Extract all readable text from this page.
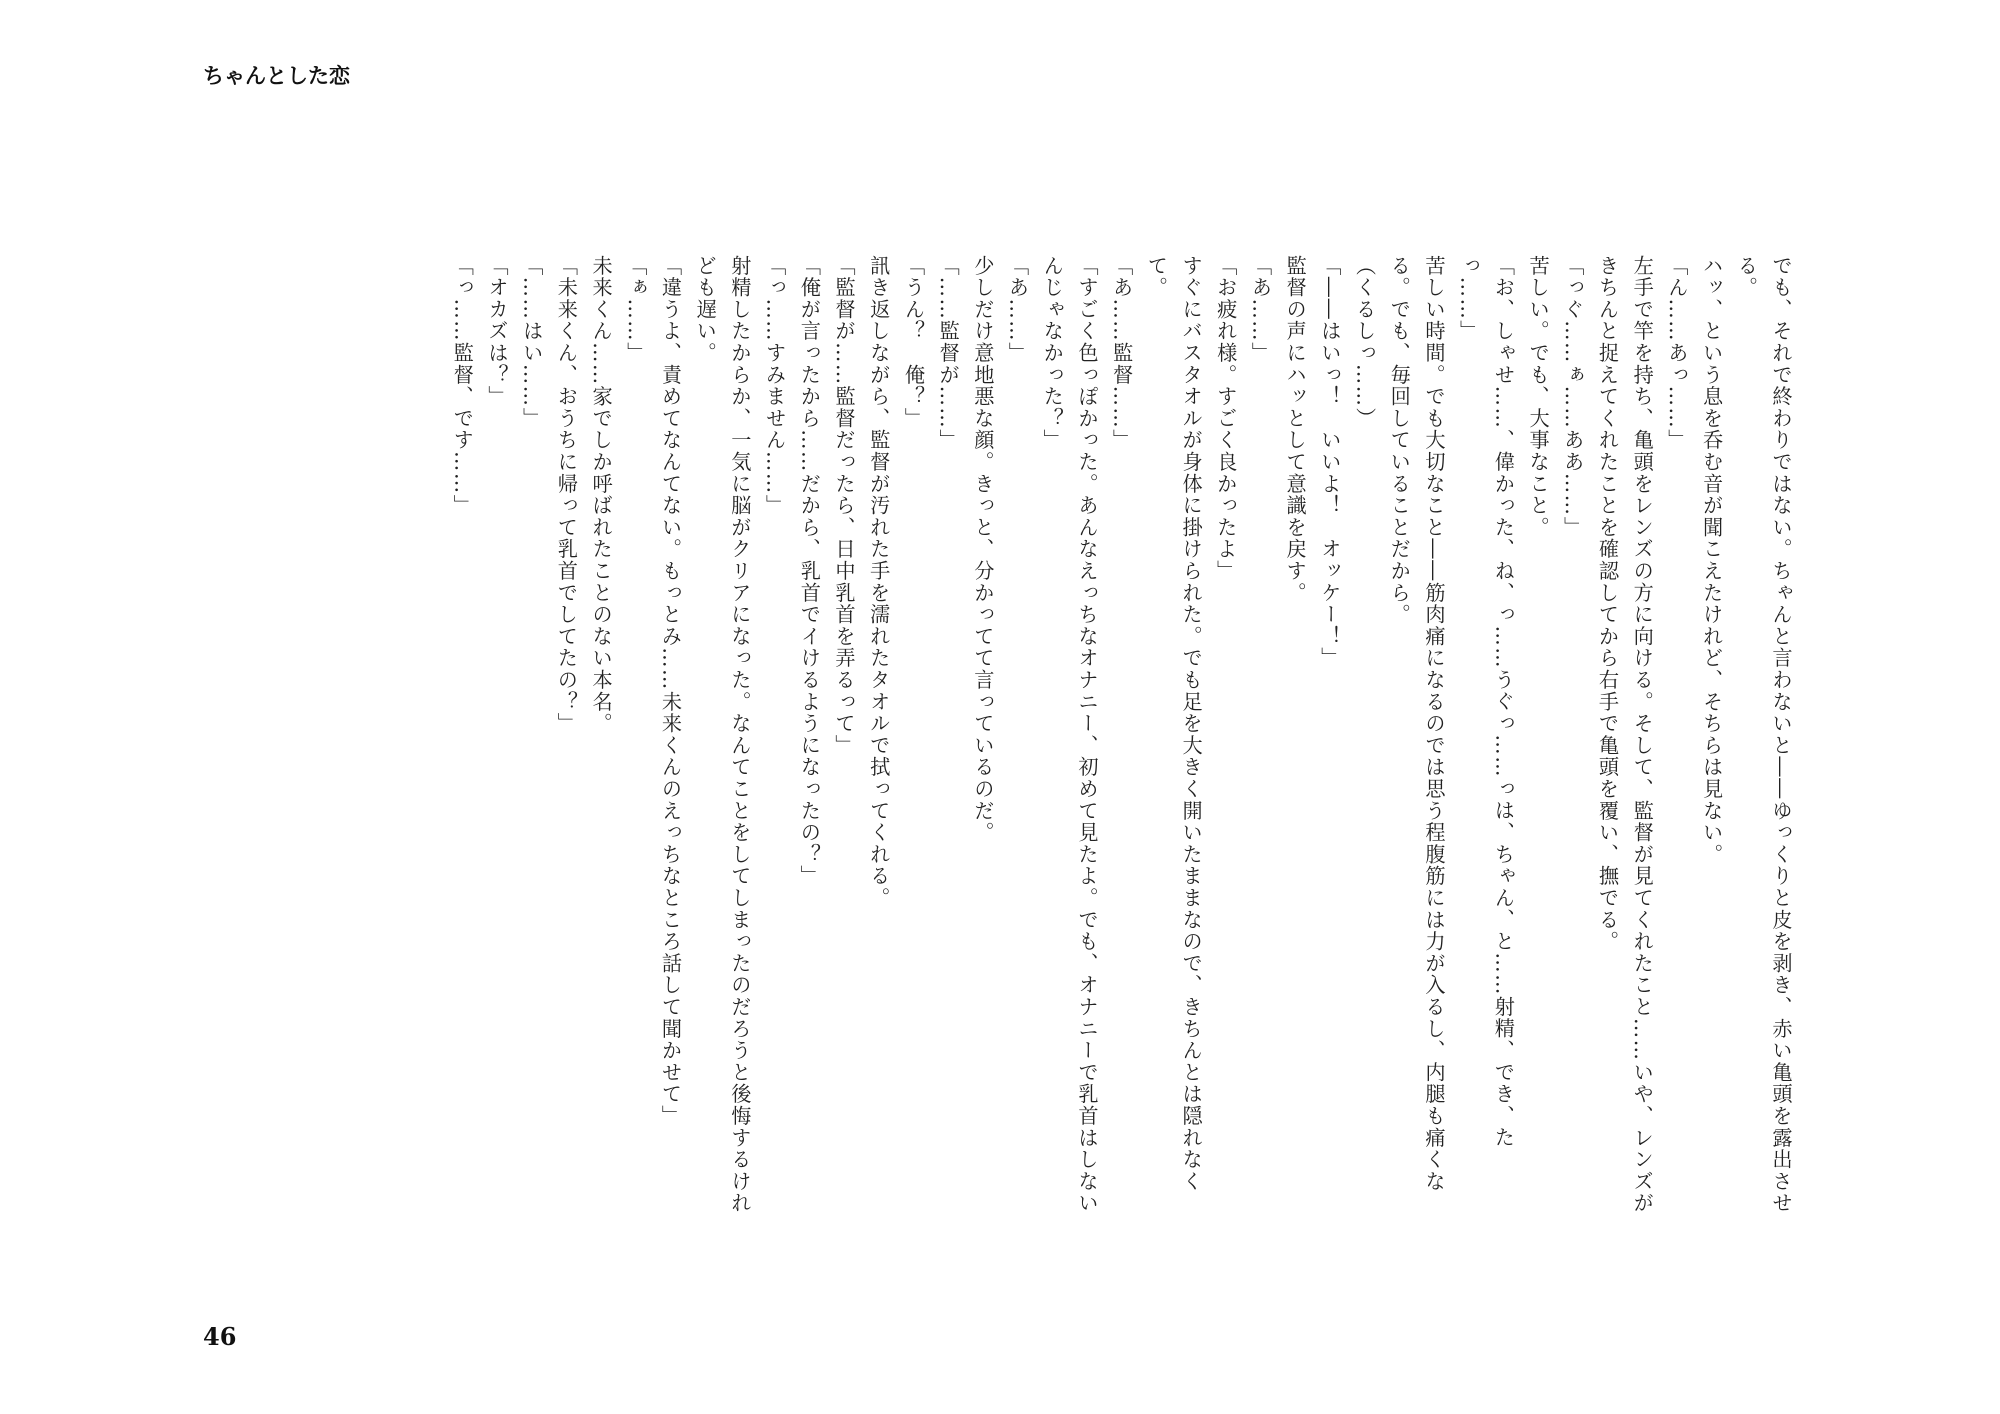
ちゃんとした恋

でも、それで終わりではない。ちゃんと言わないと――ゆっくりと皮を剥き、赤い亀頭を露出させる。

ハッ、という息を呑む音が聞こえたけれど、そちらは見ない。

「ん……あっ……」

左手で竿を持ち、亀頭をレンズの方に向ける。そして、監督が見てくれたこと……いや、レンズがきちんと捉えてくれたことを確認してから右手で亀頭を覆い、撫でる。

「っぐ……ぁ……ああ……」

苦しい。でも、大事なこと。

「お、しゃせ……、偉かった、ね、っ……うぐっ……っは、ちゃん、と……射精、でき、たっ……」

苦しい時間。でも大切なこと――筋肉痛になるのでは思う程腹筋には力が入るし、内腿も痛くなる。でも、毎回していることだから。

（くるしっ……）

「――はいっ！　いいよ！　オッケー！」

監督の声にハッとして意識を戻す。

「あ……」

「お疲れ様。すごく良かったよ」

すぐにバスタオルが身体に掛けられた。でも足を大きく開いたままなので、きちんとは隠れなくて。

「あ……監督……」

「すごく色っぽかった。あんなえっちなオナニー、初めて見たよ。でも、オナニーで乳首はしないんじゃなかった？」

「あ……」

少しだけ意地悪な顔。きっと、分かってて言っているのだ。

「……監督が……」

「うん？　俺？」

訊き返しながら、監督が汚れた手を濡れたタオルで拭ってくれる。

「監督が……監督だったら、日中乳首を弄るって」

「俺が言ったから……だから、乳首でイけるようになったの？」

「っ……すみません……」

射精したからか、一気に脳がクリアになった。なんてことをしてしまったのだろうと後悔するけれども遅い。

「違うよ、責めてなんてない。もっとみ……未来くんのえっちなところ話して聞かせて」

「ぁ……」

未来くん……家でしか呼ばれたことのない本名。

「未来くん、おうちに帰って乳首でしてたの？」

「……はい……」

「オカズは？」

「っ……監督、です……」

46
